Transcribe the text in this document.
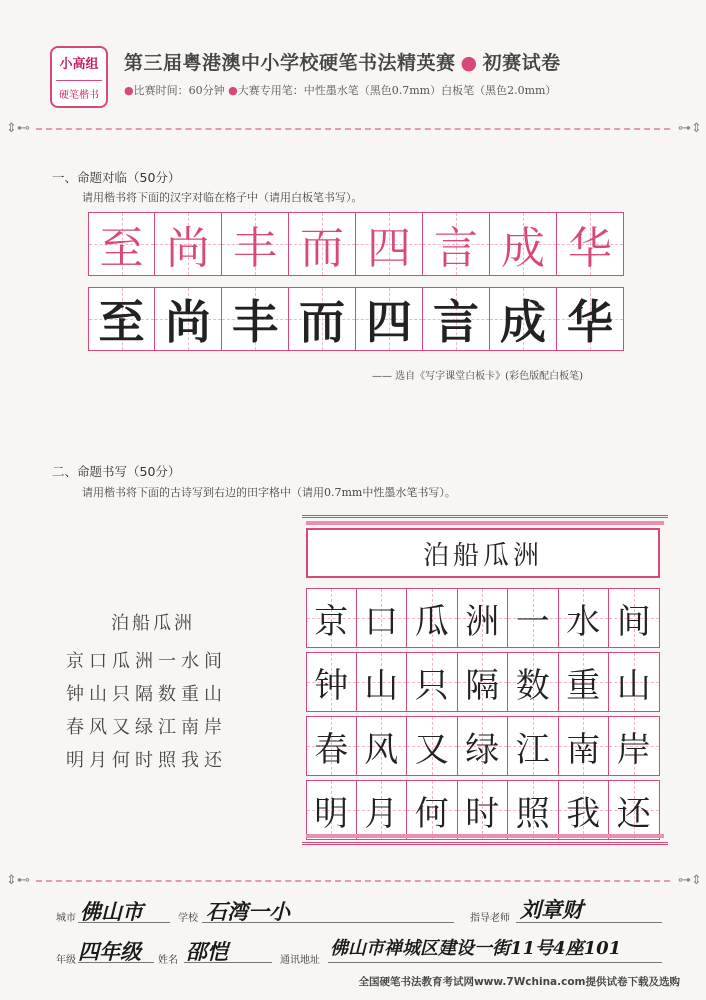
小高组
硬笔楷书
第三届粤港澳中小学校硬笔书法精英赛 ● 初赛试卷
●比赛时间：60分钟 ●大赛专用笔：中性墨水笔（黑色0.7mm）白板笔（黑色2.0mm）
⇕⊷	⊶⇕
一、命题对临（50分）
请用楷书将下面的汉字对临在格子中（请用白板笔书写）。
至 尚 丰 而 四 言 成 华
至 尚 丰 而 四 言 成 华
—— 选自《写字课堂白板卡》(彩色版配白板笔)
二、命题书写（50分）
请用楷书将下面的古诗写到右边的田字格中（请用0.7mm中性墨水笔书写）。
泊船瓜洲
京口瓜洲一水间
钟山只隔数重山
春风又绿江南岸
明月何时照我还
泊船瓜洲
京 口 瓜 洲 一 水 间
钟 山 只 隔 数 重 山
春 风 又 绿 江 南 岸
明 月 何 时 照 我 还
⇕⊷	⊶⇕
城市 佛山市	学校 石湾一小	指导老师 刘章财
年级 四年级 姓名 邵恺	通讯地址
佛山市禅城区建设一街11号4座101
全国硬笔书法教育考试网www.7Wchina.com提供试卷下载及选购
